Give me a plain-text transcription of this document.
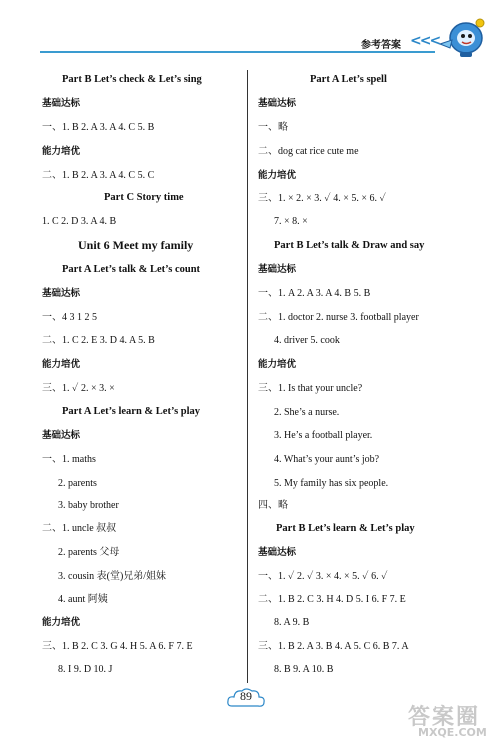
参考答案 <<<
Part B Let’s check & Let’s sing
基础达标
一、1. B 2. A 3. A 4. C 5. B
能力培优
二、1. B 2. A 3. A 4. C 5. C
Part C Story time
1. C 2. D 3. A 4. B
Unit 6 Meet my family
Part A Let’s talk & Let’s count
基础达标
一、4 3 1 2 5
二、1. C 2. E 3. D 4. A 5. B
能力培优
三、1. ✓ 2. × 3. ×
Part A Let’s learn & Let’s play
基础达标
一、1. maths
2. parents
3. baby brother
二、1. uncle 叔叔
2. parents 父母
3. cousin 表(堂)兄弟/姐妹
4. aunt 阿姨
能力培优
三、1. B 2. C 3. G 4. H 5. A 6. F 7. E
8. I 9. D 10. J
Part A Let’s spell
基础达标
一、略
二、dog cat rice cute me
能力培优
三、1. × 2. × 3. ✓ 4. × 5. × 6. ✓
7. × 8. ×
Part B Let’s talk & Draw and say
基础达标
一、1. A 2. A 3. A 4. B 5. B
二、1. doctor 2. nurse 3. football player
4. driver 5. cook
能力培优
三、1. Is that your uncle?
2. She’s a nurse.
3. He’s a football player.
4. What’s your aunt’s job?
5. My family has six people.
四、略
Part B Let’s learn & Let’s play
基础达标
一、1. ✓ 2. ✓ 3. × 4. × 5. ✓ 6. ✓
二、1. B 2. C 3. H 4. D 5. I 6. F 7. E
8. A 9. B
三、1. B 2. A 3. B 4. A 5. C 6. B 7. A
8. B 9. A 10. B
89
答案圈
MXQE.COM
